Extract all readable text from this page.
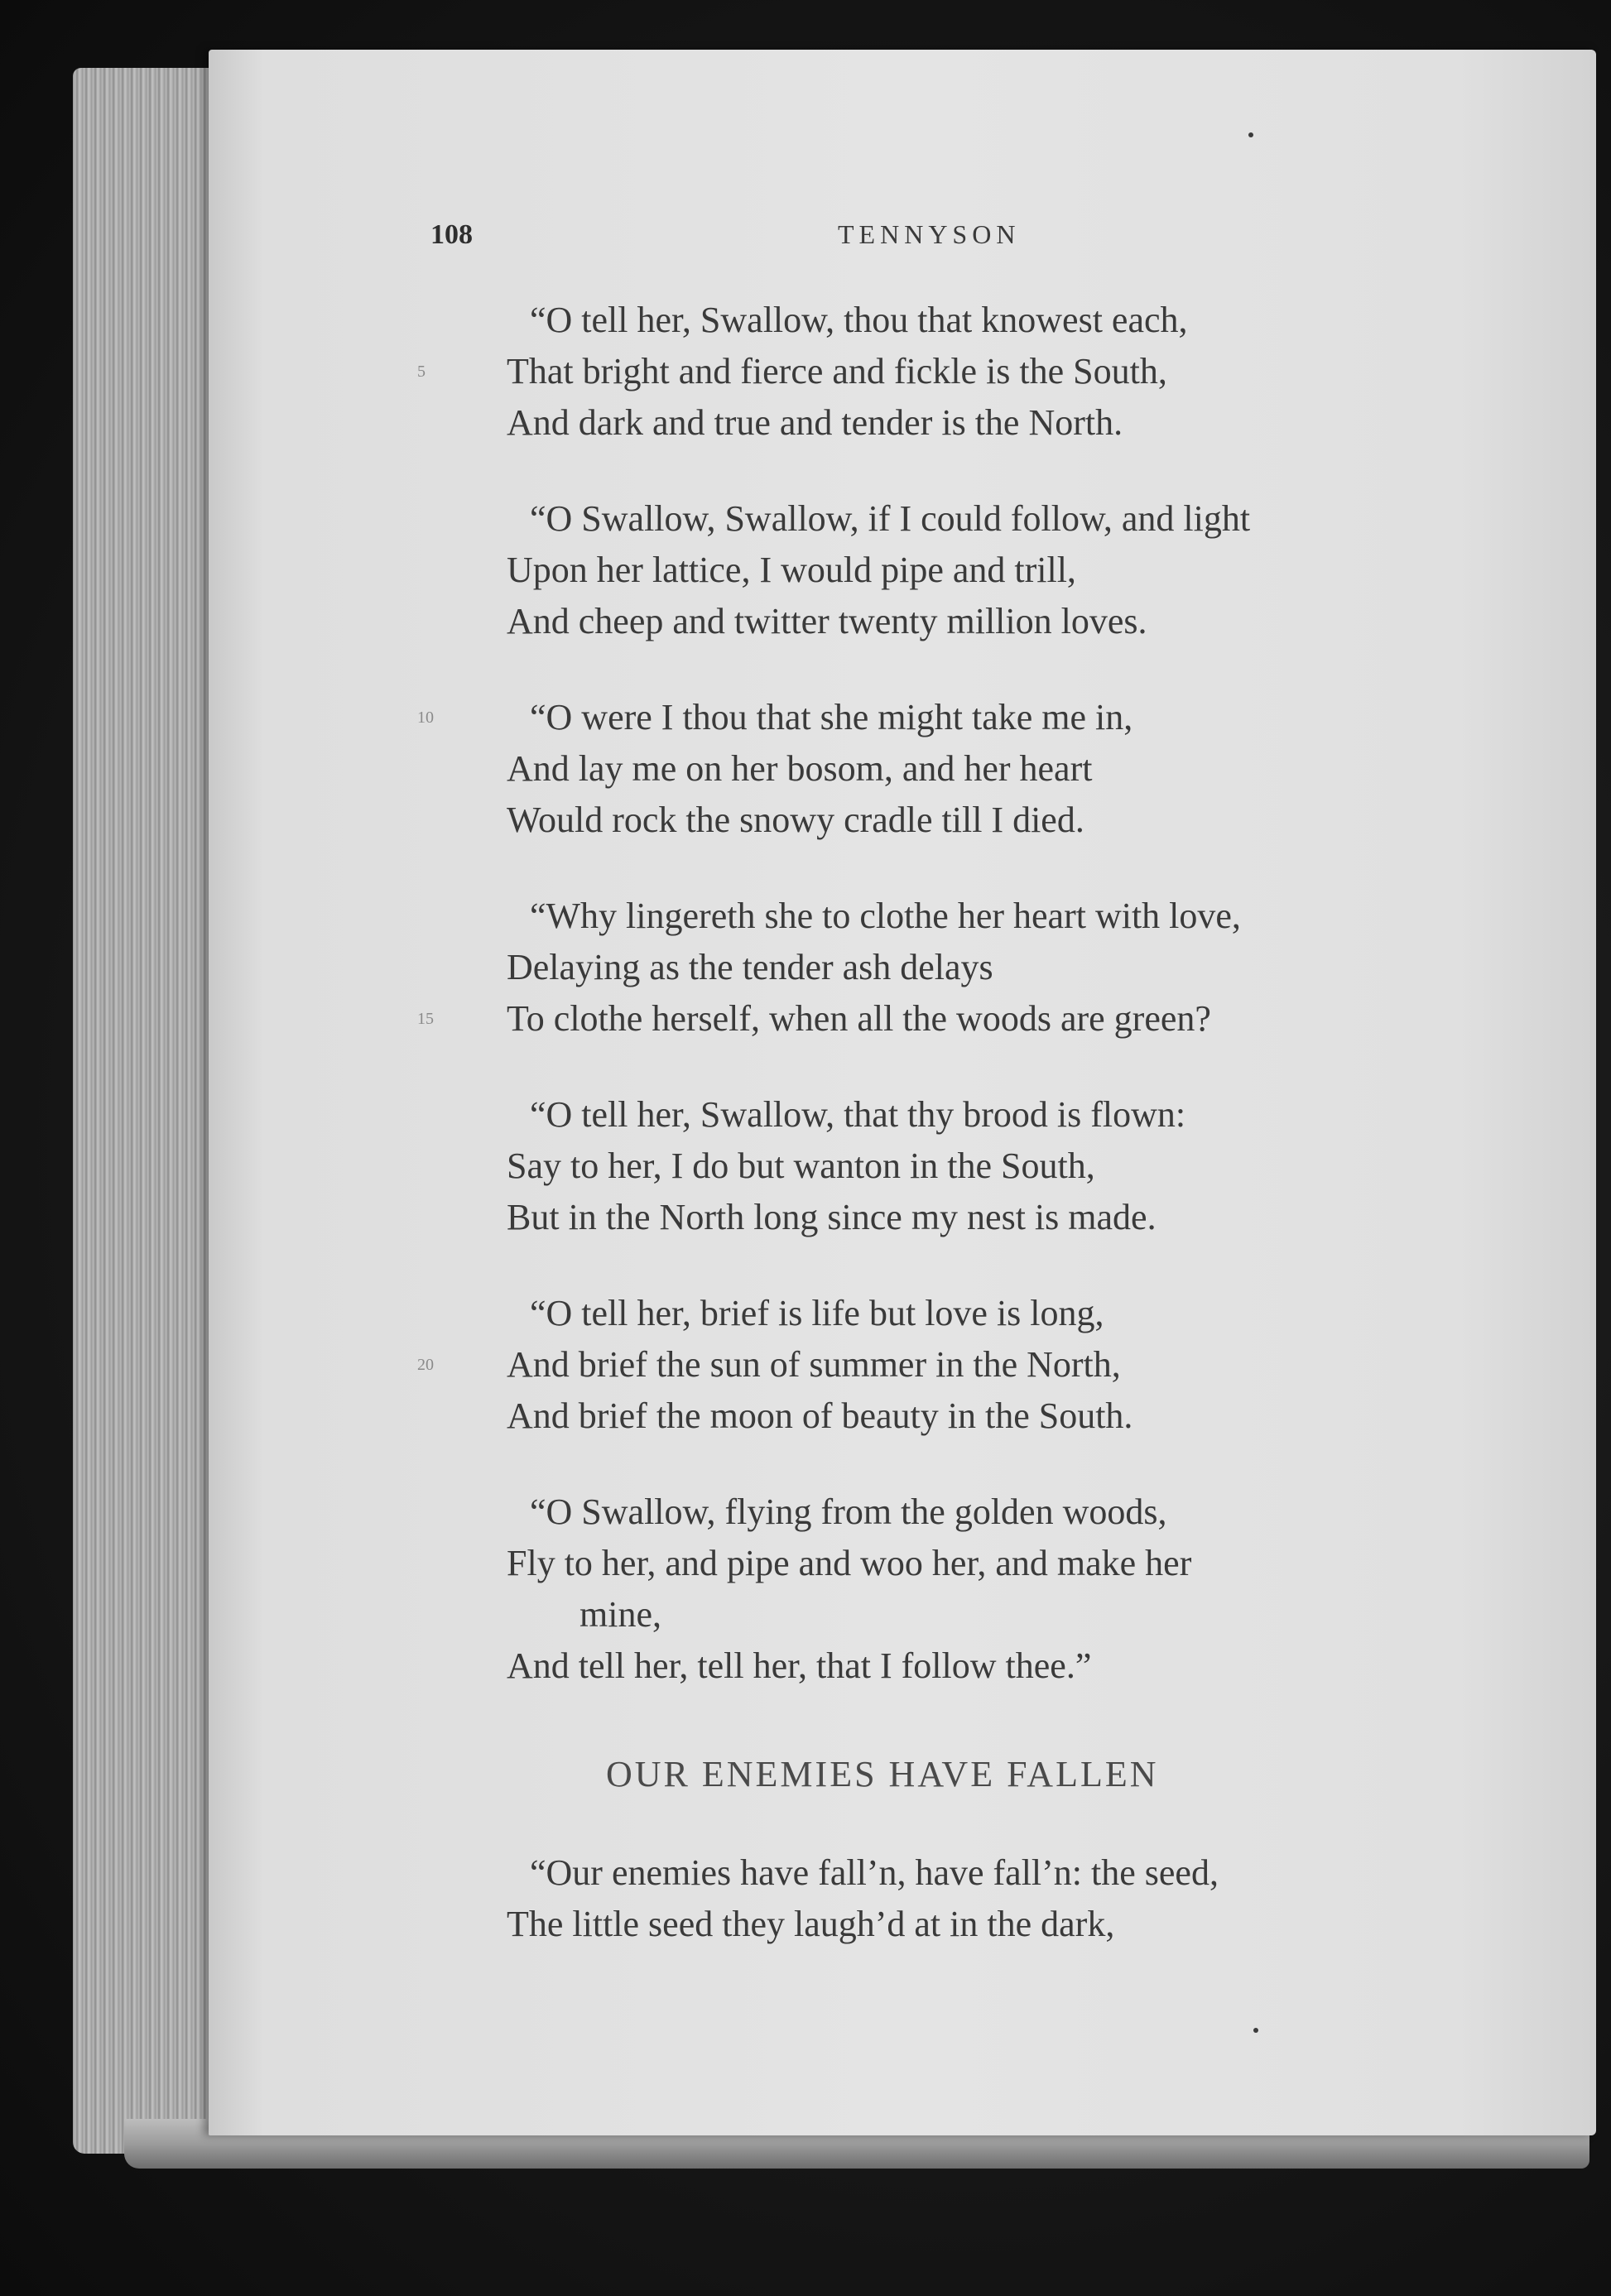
108	TENNYSON
“O tell her, Swallow, thou that knowest each,
That bright and fierce and fickle is the South,
5
And dark and true and tender is the North.
“O Swallow, Swallow, if I could follow, and light
Upon her lattice, I would pipe and trill,
And cheep and twitter twenty million loves.
“O were I thou that she might take me in,
10
And lay me on her bosom, and her heart
Would rock the snowy cradle till I died.
“Why lingereth she to clothe her heart with love,
Delaying as the tender ash delays
To clothe herself, when all the woods are green?
15
“O tell her, Swallow, that thy brood is flown:
Say to her, I do but wanton in the South,
But in the North long since my nest is made.
“O tell her, brief is life but love is long,
And brief the sun of summer in the North,
20
And brief the moon of beauty in the South.
“O Swallow, flying from the golden woods,
Fly to her, and pipe and woo her, and make her
mine,
And tell her, tell her, that I follow thee.”
OUR ENEMIES HAVE FALLEN
“Our enemies have fall’n, have fall’n: the seed,
The little seed they laugh’d at in the dark,
